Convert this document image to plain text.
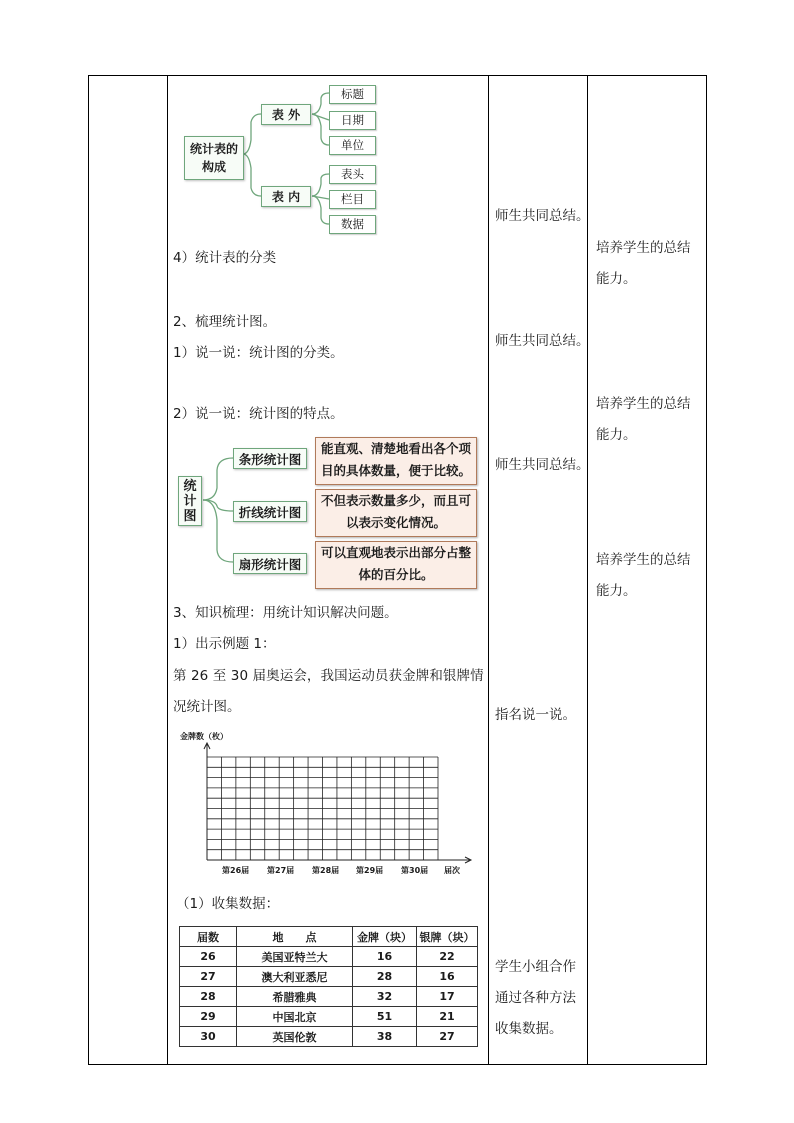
统计表的构成
表 外
表 内
标题
日期
单位
表头
栏目
数据
4）统计表的分类
2、梳理统计图。
1）说一说：统计图的分类。
2）说一说：统计图的特点。
统计图
条形统计图
折线统计图
扇形统计图
能直观、清楚地看出各个项
目的具体数量，便于比较。
不但表示数量多少，而且可
以表示变化情况。
可以直观地表示出部分占整
体的百分比。
3、知识梳理：用统计知识解决问题。
1）出示例题 1：
第 26 至 30 届奥运会，我国运动员获金牌和银牌情
况统计图。
金牌数（枚）
届次
第26届 第27届 第28届 第29届 第30届
（1）收集数据：
届数	地　　点	金牌（块）	银牌（块）
26	美国亚特兰大	16	22
27	澳大利亚悉尼	28	16
28	希腊雅典	32	17
29	中国北京	51	21
30	英国伦敦	38	27
师生共同总结。
师生共同总结。
师生共同总结。
指名说一说。
学生小组合作
通过各种方法
收集数据。
培养学生的总结
能力。
培养学生的总结
能力。
培养学生的总结
能力。
